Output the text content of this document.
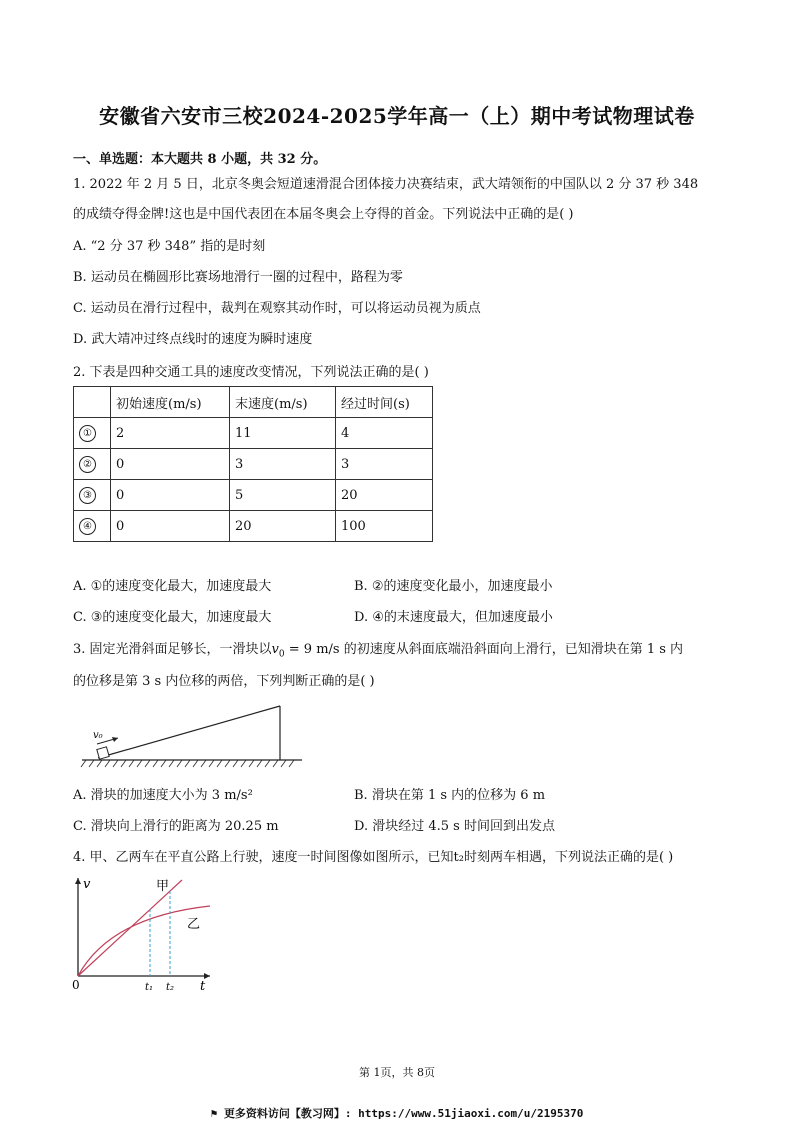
安徽省六安市三校2024-2025学年高一（上）期中考试物理试卷
一、单选题：本大题共 8 小题，共 32 分。
1. 2022 年 2 月 5 日，北京冬奥会短道速滑混合团体接力决赛结束，武大靖领衔的中国队以 2 分 37 秒 348
的成绩夺得金牌!这也是中国代表团在本届冬奥会上夺得的首金。下列说法中正确的是( )
A. “2 分 37 秒 348” 指的是时刻
B. 运动员在椭圆形比赛场地滑行一圈的过程中，路程为零
C. 运动员在滑行过程中，裁判在观察其动作时，可以将运动员视为质点
D. 武大靖冲过终点线时的速度为瞬时速度
2. 下表是四种交通工具的速度改变情况，下列说法正确的是( )
	初始速度(m/s)	末速度(m/s)	经过时间(s)
①	2	11	4
②	0	3	3
③	0	5	20
④	0	20	100
A. ①的速度变化最大，加速度最大	B. ②的速度变化最小，加速度最小
C. ③的速度变化最大，加速度最大	D. ④的末速度最大，但加速度最小
3. 固定光滑斜面足够长，一滑块以$v_0 = 9$ m/s 的初速度从斜面底端沿斜面向上滑行，已知滑块在第 1 s 内
的位移是第 3 s 内位移的两倍，下列判断正确的是( )
v₀
A. 滑块的加速度大小为 3 m/s²	B. 滑块在第 1 s 内的位移为 6 m
C. 滑块向上滑行的距离为 20.25 m	D. 滑块经过 4.5 s 时间回到出发点
4. 甲、乙两车在平直公路上行驶，速度一时间图像如图所示，已知t₂时刻两车相遇，下列说法正确的是( )
v
t
0
甲
乙
t₁ t₂
第 1页，共 8页
⚑ 更多资料访问【教习网】: https://www.51jiaoxi.com/u/2195370
